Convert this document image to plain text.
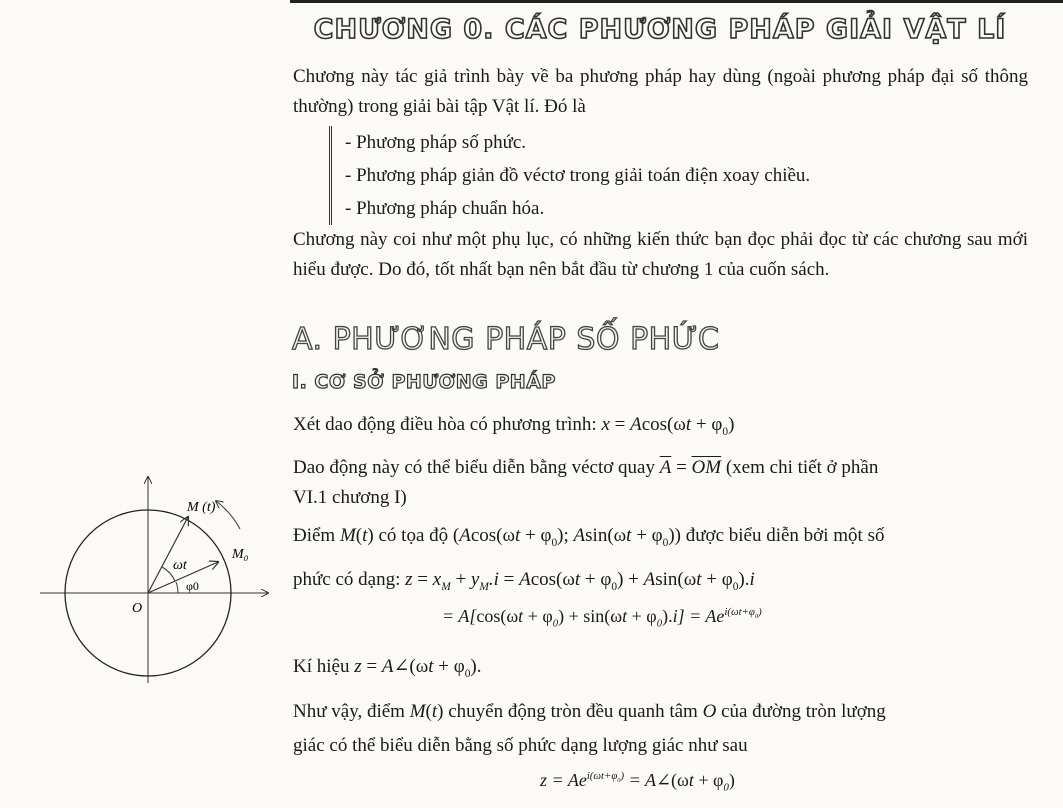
CHƯƠNG 0. CÁC PHƯƠNG PHÁP GIẢI VẬT LÍ
Chương này tác giả trình bày về ba phương pháp hay dùng (ngoài phương pháp đại số thông thường) trong giải bài tập Vật lí. Đó là
- Phương pháp số phức.
- Phương pháp giản đồ véctơ trong giải toán điện xoay chiều.
- Phương pháp chuẩn hóa.
Chương này coi như một phụ lục, có những kiến thức bạn đọc phải đọc từ các chương sau mới hiểu được. Do đó, tốt nhất bạn nên bắt đầu từ chương 1 của cuốn sách.
A. PHƯƠNG PHÁP SỐ PHỨC
I. CƠ SỞ PHƯƠNG PHÁP
Xét dao động điều hòa có phương trình: $x = Acos(\omega t + \varphi_0)$
Dao động này có thể biểu diễn bằng véctơ quay $\overline{A} = \overline{OM}$ (xem chi tiết ở phần
VI.1 chương I)
Điểm M(t) có tọa độ ($Acos(\omega t + \varphi_0)$; $Asin(\omega t + \varphi_0)$) được biểu diễn bởi một số
phức có dạng: $z = x_M + y_M.i = Acos(\omega t + \varphi_0) + Asin(\omega t + \varphi_0).i$
= $A[\cos(\omega t + \varphi_0) + \sin(\omega t + \varphi_0).i] = Ae^{i(\omega t+\varphi_0)}$
Kí hiệu z = A∠(ωt + $\varphi_0$).
Như vậy, điểm M(t) chuyển động tròn đều quanh tâm O của đường tròn lượng
giác có thể biểu diễn bằng số phức dạng lượng giác như sau
$z = Ae^{i(\omega t+\varphi_0)}$ = A∠(ωt + $\varphi_0$)
M (t)
M₀
ωt
φ0
O
